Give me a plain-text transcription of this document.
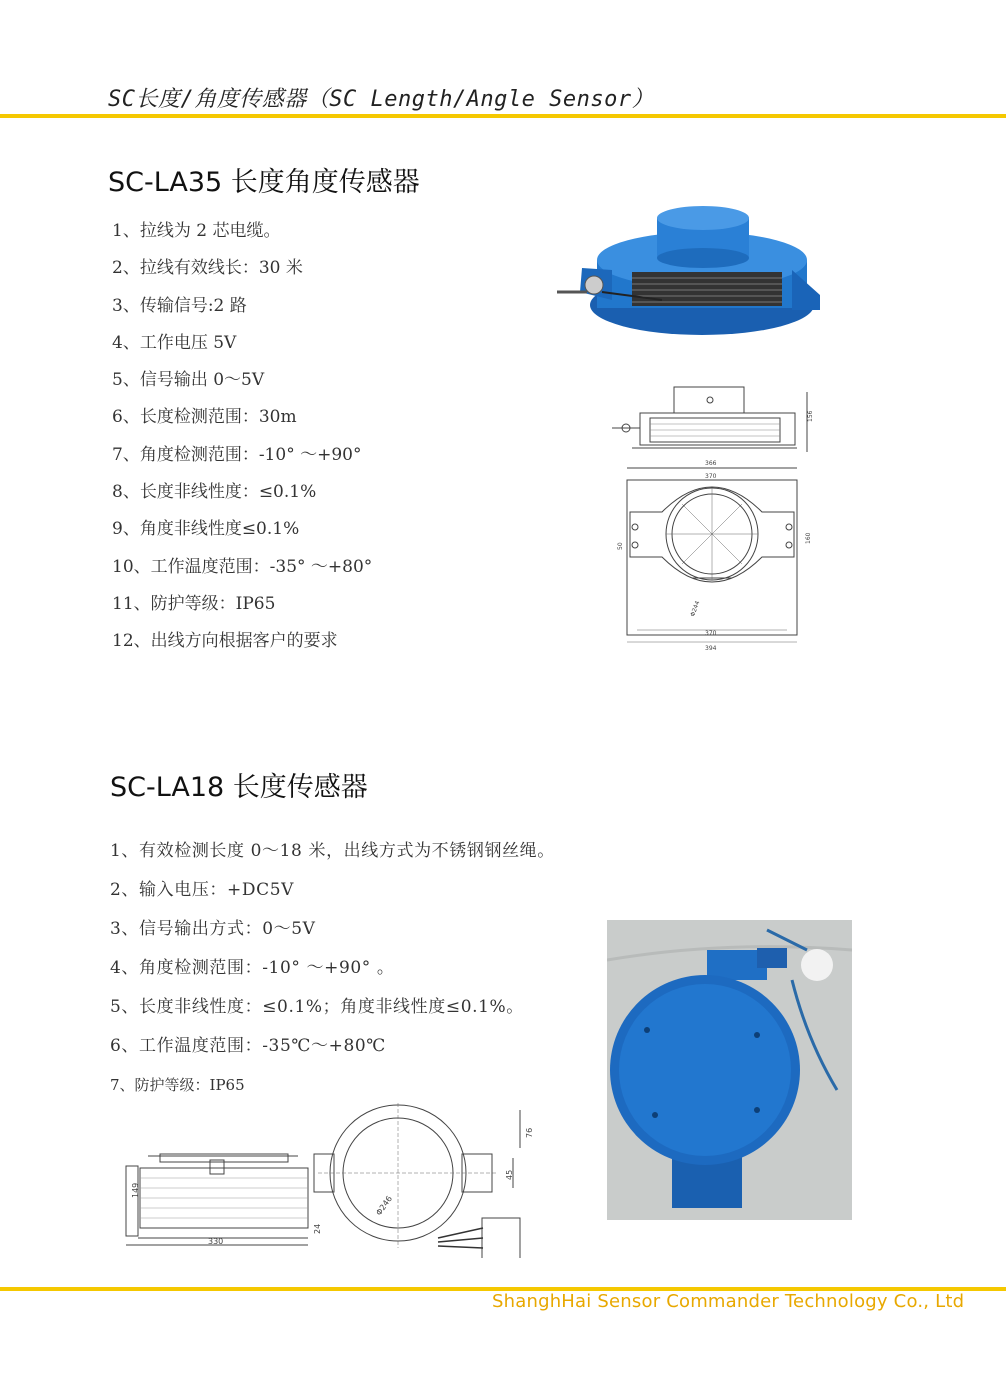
SC长度/角度传感器（SC Length/Angle Sensor）
SC-LA35 长度角度传感器
1、拉线为 2 芯电缆。
2、拉线有效线长：30 米
3、传输信号:2 路
4、工作电压 5V
5、信号输出 0～5V
6、长度检测范围：30m
7、角度检测范围：-10° ～+90°
8、长度非线性度：≤0.1%
9、角度非线性度≤0.1%
10、工作温度范围：-35° ～+80°
11、防护等级：IP65
12、出线方向根据客户的要求
156
366
370
50
160
Φ244
370
394
SC-LA18 长度传感器
1、有效检测长度 0～18 米，出线方式为不锈钢钢丝绳。
2、输入电压：+DC5V
3、信号输出方式：0～5V
4、角度检测范围：-10° ～+90° 。
5、长度非线性度：≤0.1%；角度非线性度≤0.1%。
6、工作温度范围：-35℃～+80℃
7、防护等级：IP65
149
330
24
Φ246
45
76
ShanghHai Sensor Commander Technology Co., Ltd
